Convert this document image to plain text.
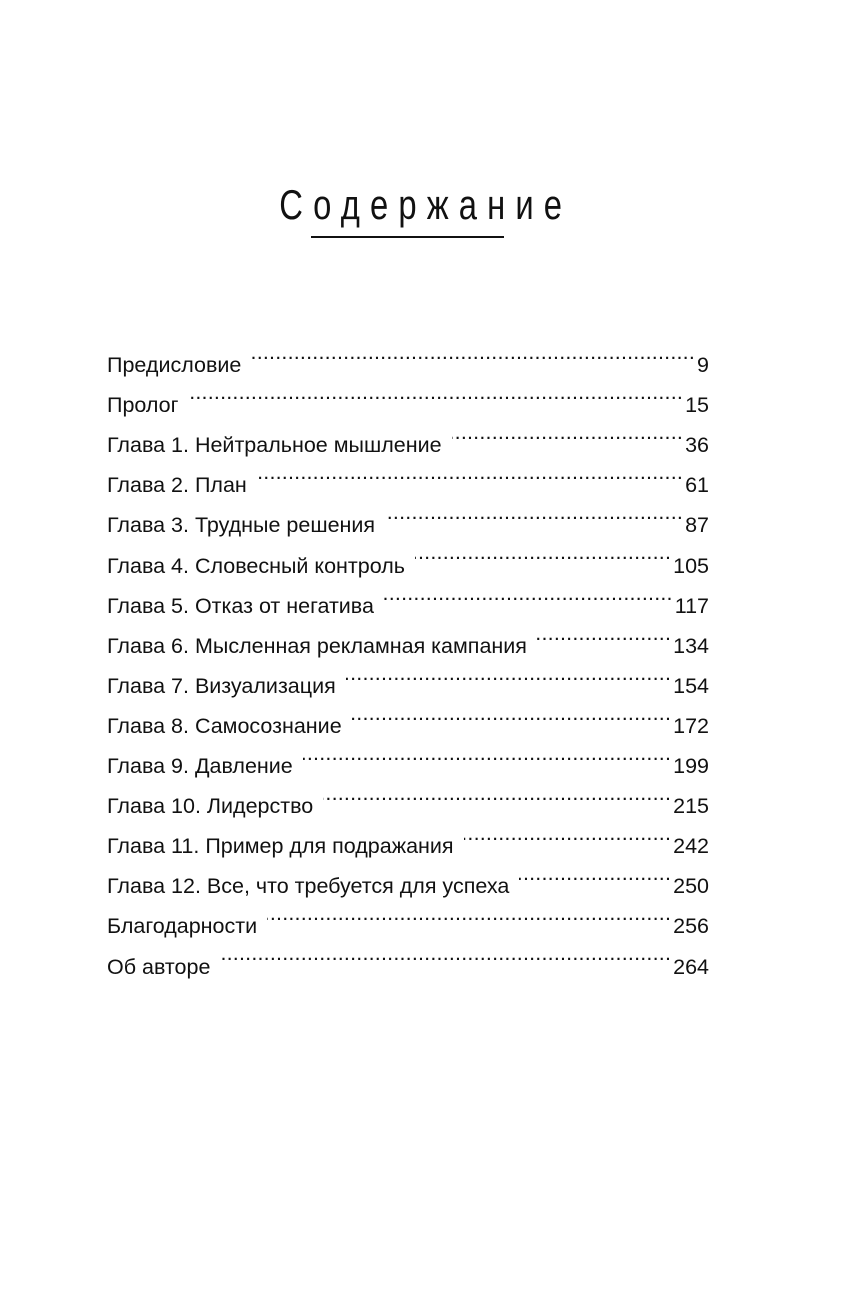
Содержание
Предисловие .....	9
Пролог .....	15
Глава 1. Нейтральное мышление .....	36
Глава 2. План .....	61
Глава 3. Трудные решения .....	87
Глава 4. Словесный контроль .....	105
Глава 5. Отказ от негатива .....	117
Глава 6. Мысленная рекламная кампания .....	134
Глава 7. Визуализация .....	154
Глава 8. Самосознание .....	172
Глава 9. Давление .....	199
Глава 10. Лидерство .....	215
Глава 11. Пример для подражания .....	242
Глава 12. Все, что требуется для успеха .....	250
Благодарности .....	256
Об авторе .....	264
